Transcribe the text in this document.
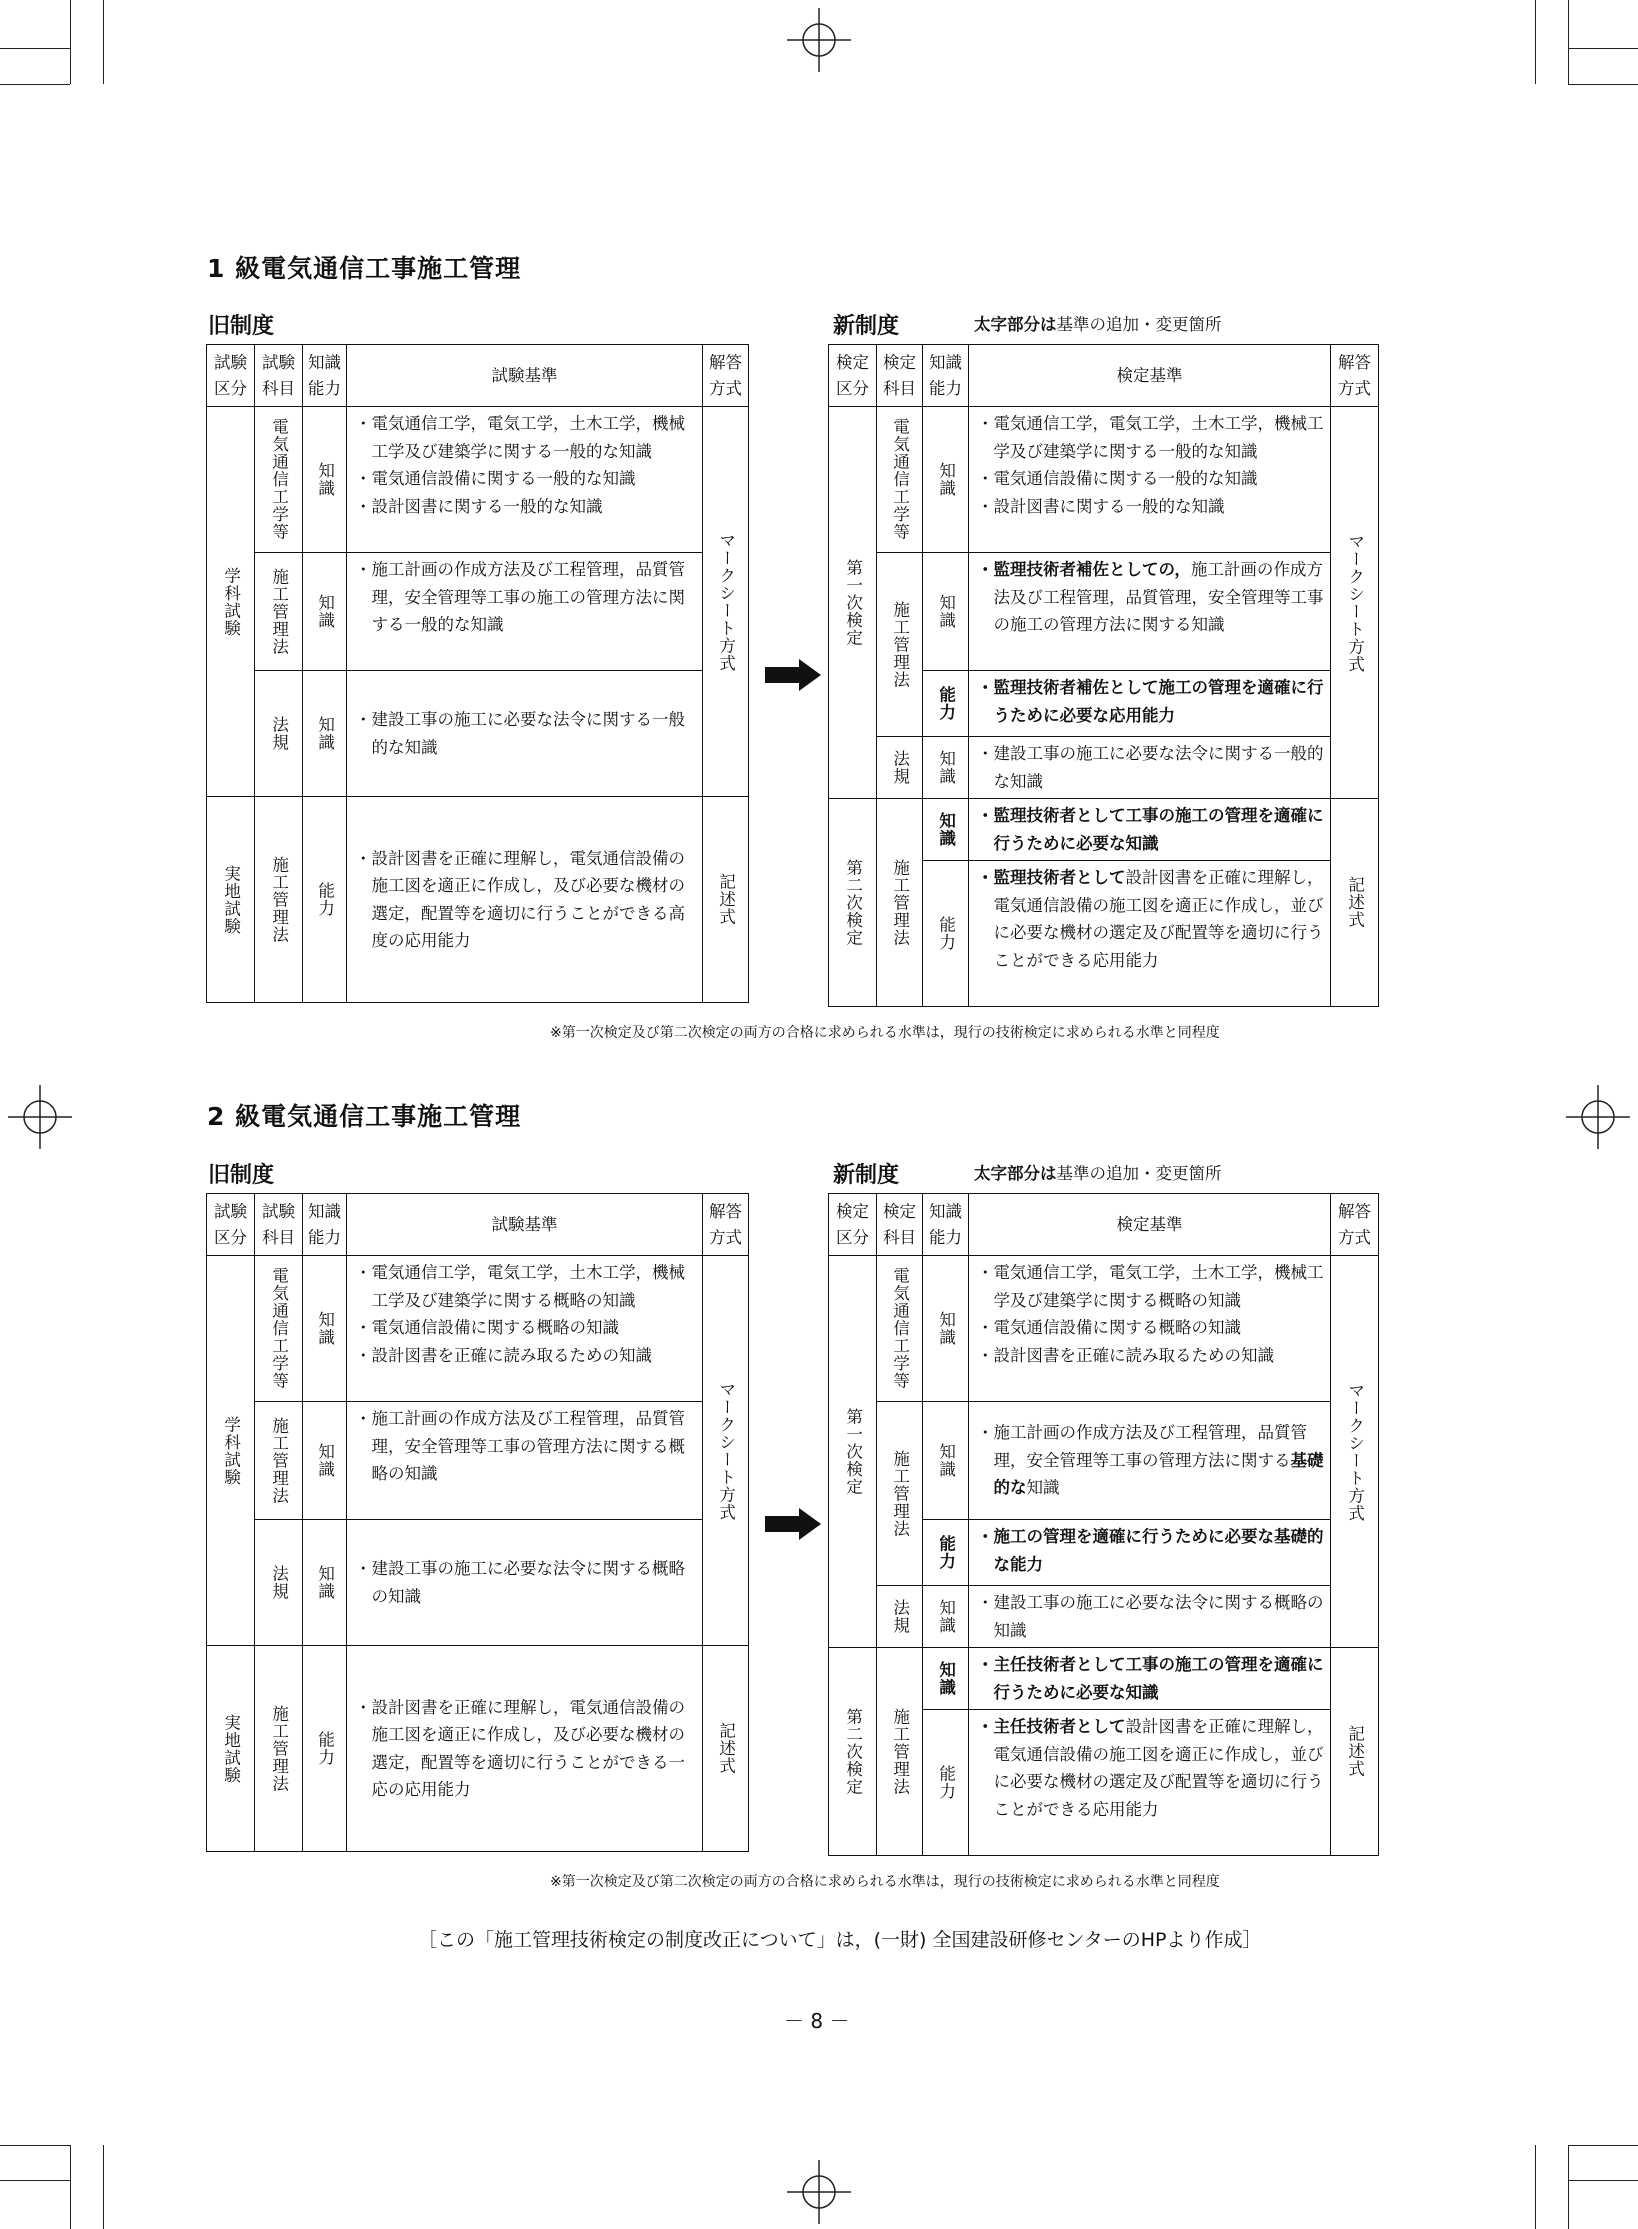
1 級電気通信工事施工管理
旧制度	新制度	太字部分は基準の追加・変更箇所
試験区分	試験科目	知識能力	試験基準	解答方式

学科試験	電気通信工学等	知識	・電気通信工学，電気工学，土木工学，機械工学及び建築学に関する一般的な知識

・電気通信設備に関する一般的な知識

・設計図書に関する一般的な知識	マークシート方式

	施工管理法	知識	・施工計画の作成方法及び工程管理，品質管理，安全管理等工事の施工の管理方法に関する一般的な知識	

	法規	知識	・建設工事の施工に必要な法令に関する一般的な知識	

実地試験	施工管理法	能力	・設計図書を正確に理解し，電気通信設備の施工図を適正に作成し，及び必要な機材の選定，配置等を適切に行うことができる高度の応用能力	記述式
検定区分	検定科目	知識能力	検定基準	解答方式

第一次検定	電気通信工学等	知識	・電気通信工学，電気工学，土木工学，機械工学及び建築学に関する一般的な知識

・電気通信設備に関する一般的な知識

・設計図書に関する一般的な知識	マークシート方式

	施工管理法	知識	・監理技術者補佐としての，施工計画の作成方法及び工程管理，品質管理，安全管理等工事の施工の管理方法に関する知識	

		能力	・監理技術者補佐として施工の管理を適確に行うために必要な応用能力	

	法規	知識	・建設工事の施工に必要な法令に関する一般的な知識	

第二次検定	施工管理法	知識	・監理技術者として工事の施工の管理を適確に行うために必要な知識	記述式

		能力	・監理技術者として設計図書を正確に理解し，電気通信設備の施工図を適正に作成し，並びに必要な機材の選定及び配置等を適切に行うことができる応用能力	

※第一次検定及び第二次検定の両方の合格に求められる水準は，現行の技術検定に求められる水準と同程度
2 級電気通信工事施工管理
旧制度	新制度	太字部分は基準の追加・変更箇所
試験区分	試験科目	知識能力	試験基準	解答方式

学科試験	電気通信工学等	知識	・電気通信工学，電気工学，土木工学，機械工学及び建築学に関する概略の知識

・電気通信設備に関する概略の知識

・設計図書を正確に読み取るための知識	マークシート方式

	施工管理法	知識	・施工計画の作成方法及び工程管理，品質管理，安全管理等工事の管理方法に関する概略の知識	

	法規	知識	・建設工事の施工に必要な法令に関する概略の知識	

実地試験	施工管理法	能力	・設計図書を正確に理解し，電気通信設備の施工図を適正に作成し，及び必要な機材の選定，配置等を適切に行うことができる一応の応用能力	記述式
検定区分	検定科目	知識能力	検定基準	解答方式

第一次検定	電気通信工学等	知識	・電気通信工学，電気工学，土木工学，機械工学及び建築学に関する概略の知識

・電気通信設備に関する概略の知識

・設計図書を正確に読み取るための知識	マークシート方式

	施工管理法	知識	・施工計画の作成方法及び工程管理，品質管理，安全管理等工事の管理方法に関する基礎的な知識	

		能力	・施工の管理を適確に行うために必要な基礎的な能力	

	法規	知識	・建設工事の施工に必要な法令に関する概略の知識	

第二次検定	施工管理法	知識	・主任技術者として工事の施工の管理を適確に行うために必要な知識	記述式

		能力	・主任技術者として設計図書を正確に理解し，電気通信設備の施工図を適正に作成し，並びに必要な機材の選定及び配置等を適切に行うことができる応用能力	

※第一次検定及び第二次検定の両方の合格に求められる水準は，現行の技術検定に求められる水準と同程度
［この「施工管理技術検定の制度改正について」は，(一財) 全国建設研修センターのHPより作成］
－ 8 －
